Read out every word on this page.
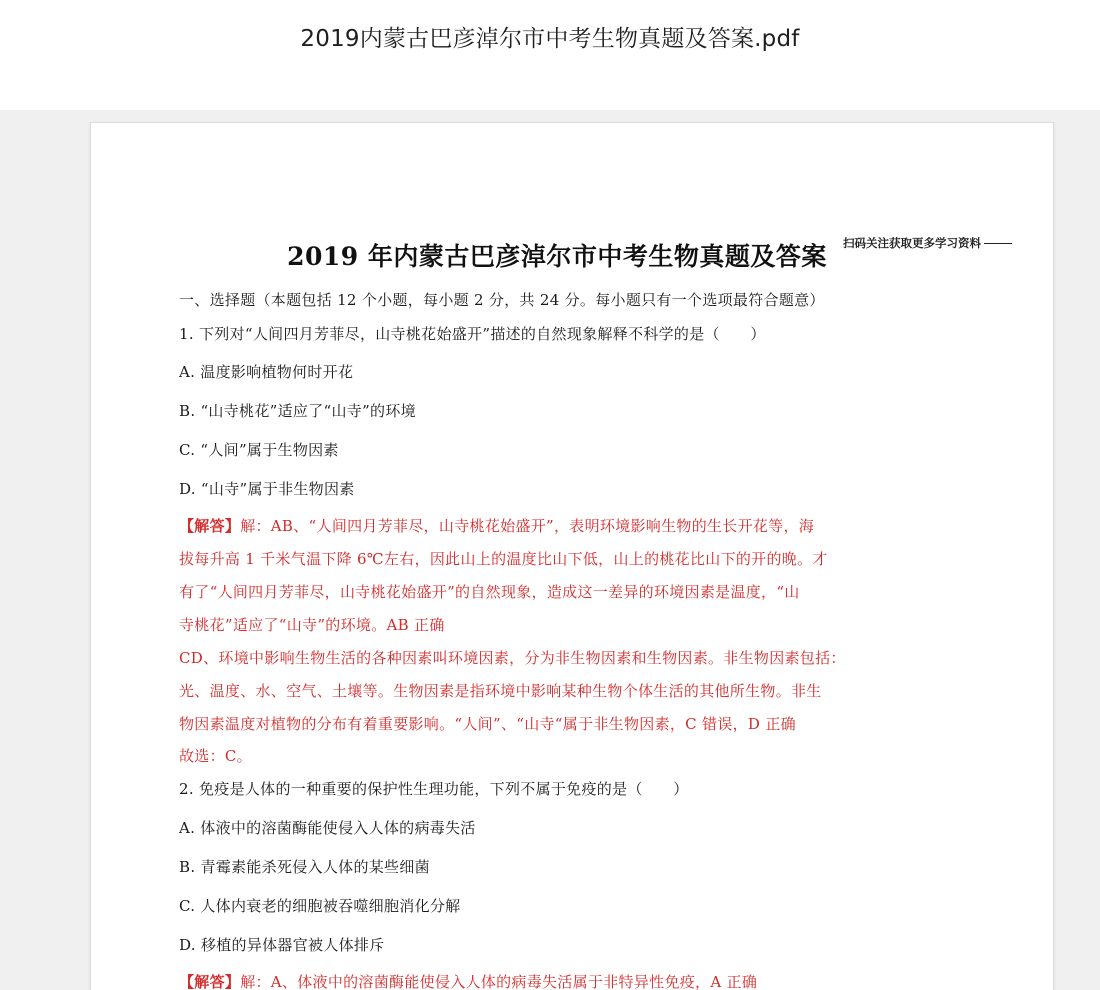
2019内蒙古巴彦淖尔市中考生物真题及答案.pdf
扫码关注获取更多学习资料
2019 年内蒙古巴彦淖尔市中考生物真题及答案
一、选择题（本题包括 12 个小题，每小题 2 分，共 24 分。每小题只有一个选项最符合题意）
1. 下列对“人间四月芳菲尽，山寺桃花始盛开”描述的自然现象解释不科学的是（　　）
A. 温度影响植物何时开花
B. “山寺桃花”适应了“山寺”的环境
C. “人间”属于生物因素
D. “山寺”属于非生物因素
【解答】解：AB、“人间四月芳菲尽，山寺桃花始盛开”，表明环境影响生物的生长开花等，海
拔每升高 1 千米气温下降 6℃左右，因此山上的温度比山下低，山上的桃花比山下的开的晚。才
有了“人间四月芳菲尽，山寺桃花始盛开”的自然现象，造成这一差异的环境因素是温度，“山
寺桃花”适应了“山寺”的环境。AB 正确
CD、环境中影响生物生活的各种因素叫环境因素，分为非生物因素和生物因素。非生物因素包括：
光、温度、水、空气、土壤等。生物因素是指环境中影响某种生物个体生活的其他所生物。非生
物因素温度对植物的分布有着重要影响。“人间”、“山寺“属于非生物因素，C 错误，D 正确
故选：C。
2. 免疫是人体的一种重要的保护性生理功能，下列不属于免疫的是（　　）
A. 体液中的溶菌酶能使侵入人体的病毒失活
B. 青霉素能杀死侵入人体的某些细菌
C. 人体内衰老的细胞被吞噬细胞消化分解
D. 移植的异体器官被人体排斥
【解答】解：A、体液中的溶菌酶能使侵入人体的病毒失活属于非特异性免疫，A 正确
